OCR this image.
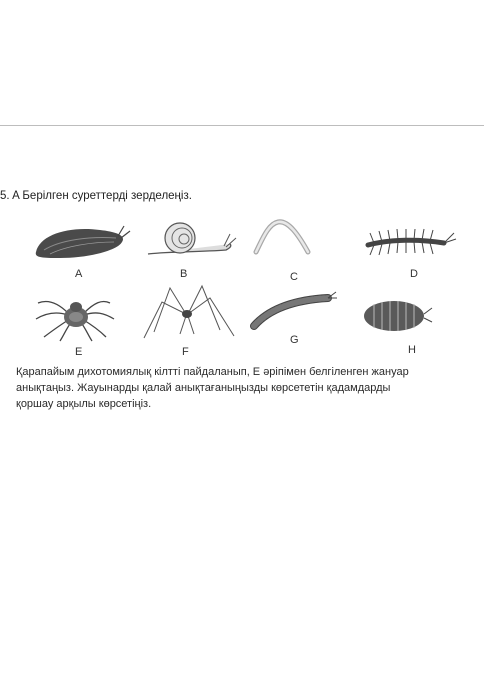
5. A Берілген суреттерді зерделеңіз.
A	B	C	D
E	F
G
H
Қарапайым дихотомиялық кілтті пайдаланып, Е әріпімен белгіленген жануар
анықтаңыз. Жауынарды қалай анықтағаныңызды көрсететін қадамдарды
қоршау арқылы көрсетіңіз.
